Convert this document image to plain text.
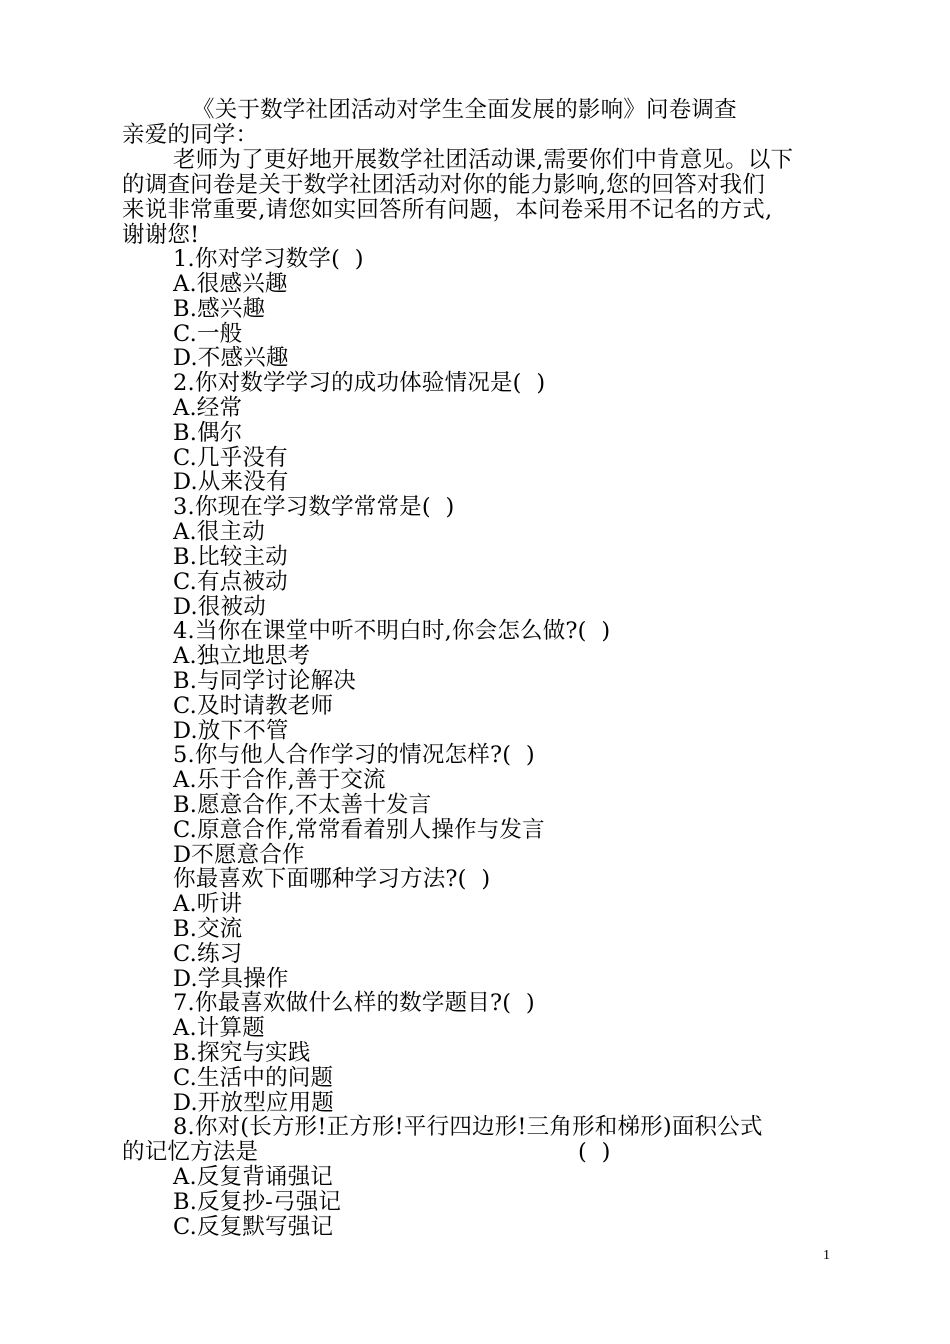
《关于数学社团活动对学生全面发展的影响》问卷调查
亲爱的同学：
老师为了更好地开展数学社团活动课,需要你们中肯意见。以下
的调查问卷是关于数学社团活动对你的能力影响,您的回答对我们
来说非常重要,请您如实回答所有问题，本问卷采用不记名的方式,
谢谢您!
1.你对学习数学(  )
A.很感兴趣
B.感兴趣
C.一般
D.不感兴趣
2.你对数学学习的成功体验情况是(  )
A.经常
B.偶尔
C.几乎没有
D.从来没有
3.你现在学习数学常常是(  )
A.很主动
B.比较主动
C.有点被动
D.很被动
4.当你在课堂中听不明白时,你会怎么做?(  )
A.独立地思考
B.与同学讨论解决
C.及时请教老师
D.放下不管
5.你与他人合作学习的情况怎样?(  )
A.乐于合作,善于交流
B.愿意合作,不太善十发言
C.原意合作,常常看着别人操作与发言
D不愿意合作
你最喜欢下面哪种学习方法?(  )
A.听讲
B.交流
C.练习
D.学具操作
7.你最喜欢做什么样的数学题目?(  )
A.计算题
B.探究与实践
C.生活中的问题
D.开放型应用题
8.你对(长方形!正方形!平行四边形!三角形和梯形)面积公式
的记忆方法是	(  )
A.反复背诵强记
B.反复抄-弓强记
C.反复默写强记
1
